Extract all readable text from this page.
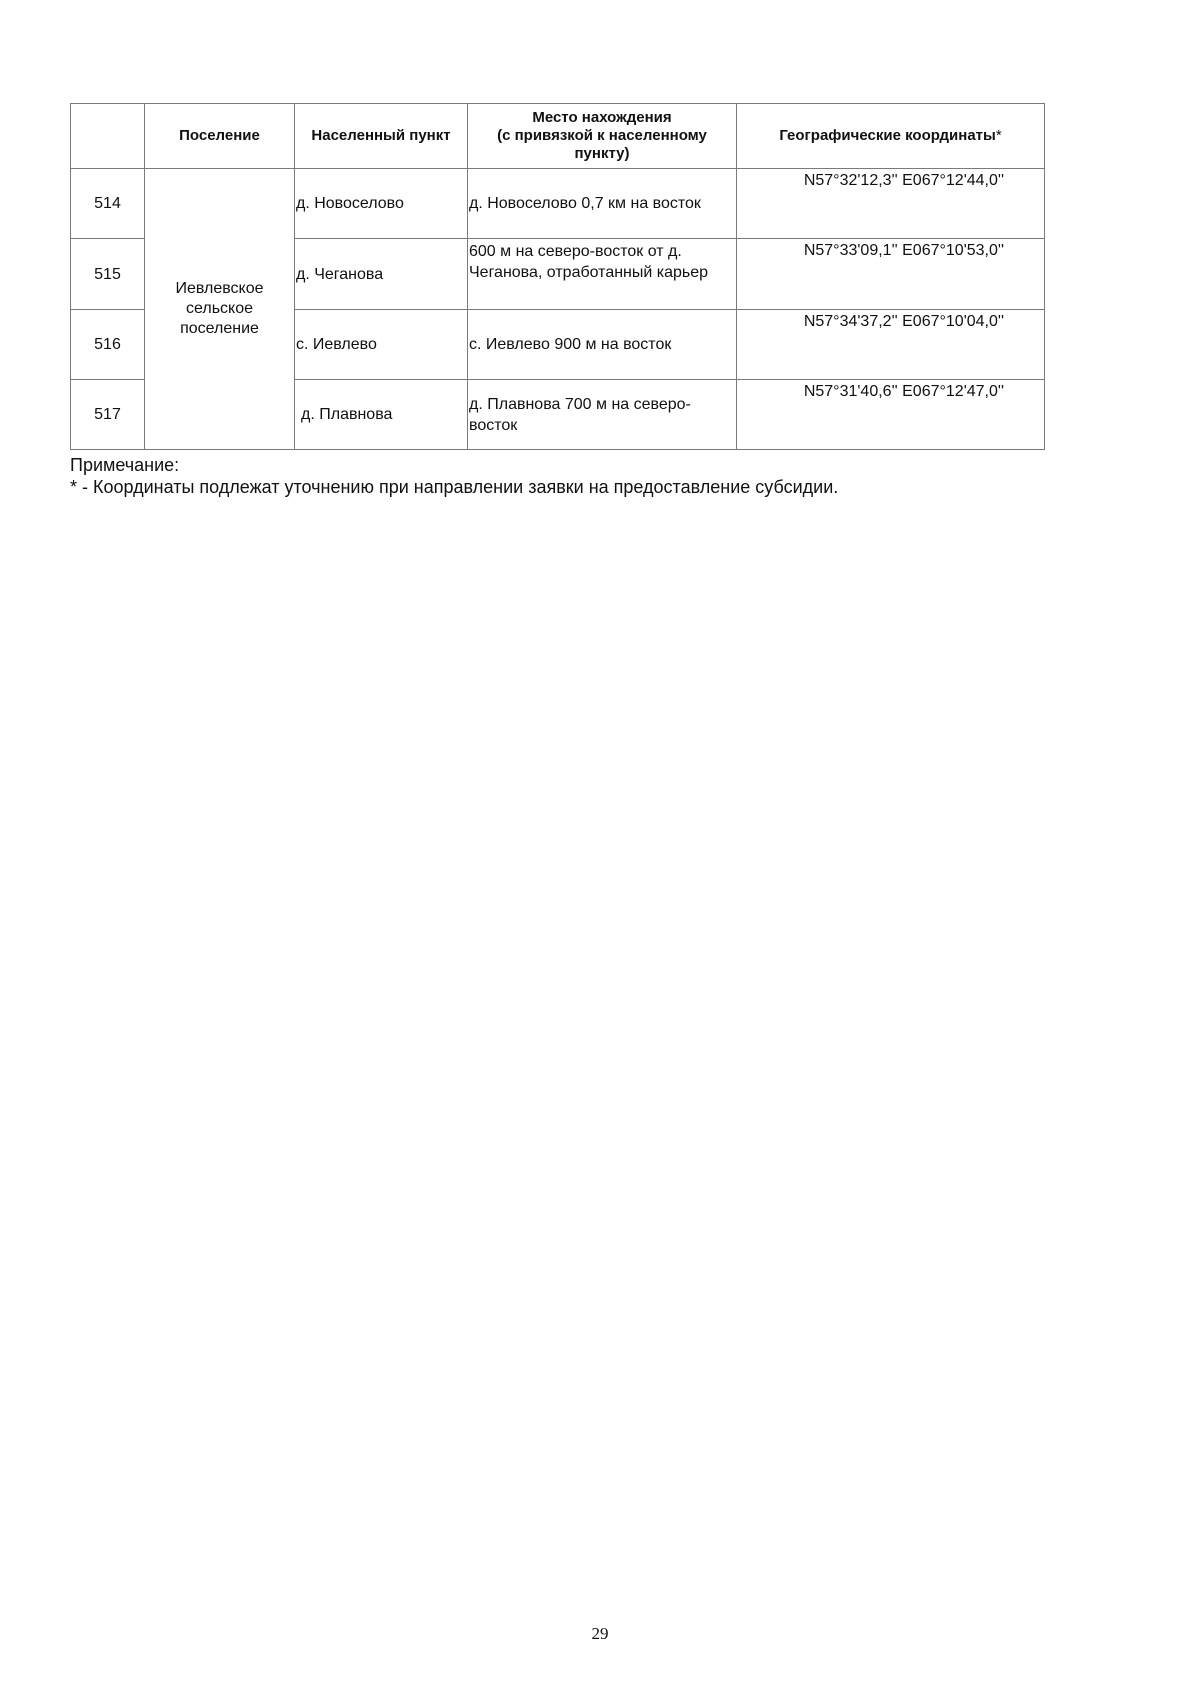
	Поселение	Населенный пункт	Место нахождения
(с привязкой к населенному
пункту)	Географические координаты*
514	Иевлевское
сельское
поселение	д. Новоселово	д. Новоселово 0,7 км на восток	N57°32'12,3'' E067°12'44,0''
515		д. Чеганова	600 м на северо-восток от д. Чеганова, отработанный карьер	N57°33'09,1'' E067°10'53,0''
516		с. Иевлево	с. Иевлево 900 м на восток	N57°34'37,2'' E067°10'04,0''
517		д. Плавнова	д. Плавнова 700 м на северо-восток	N57°31'40,6'' E067°12'47,0''
Примечание:
* - Координаты подлежат уточнению при направлении заявки на предоставление субсидии.
29
